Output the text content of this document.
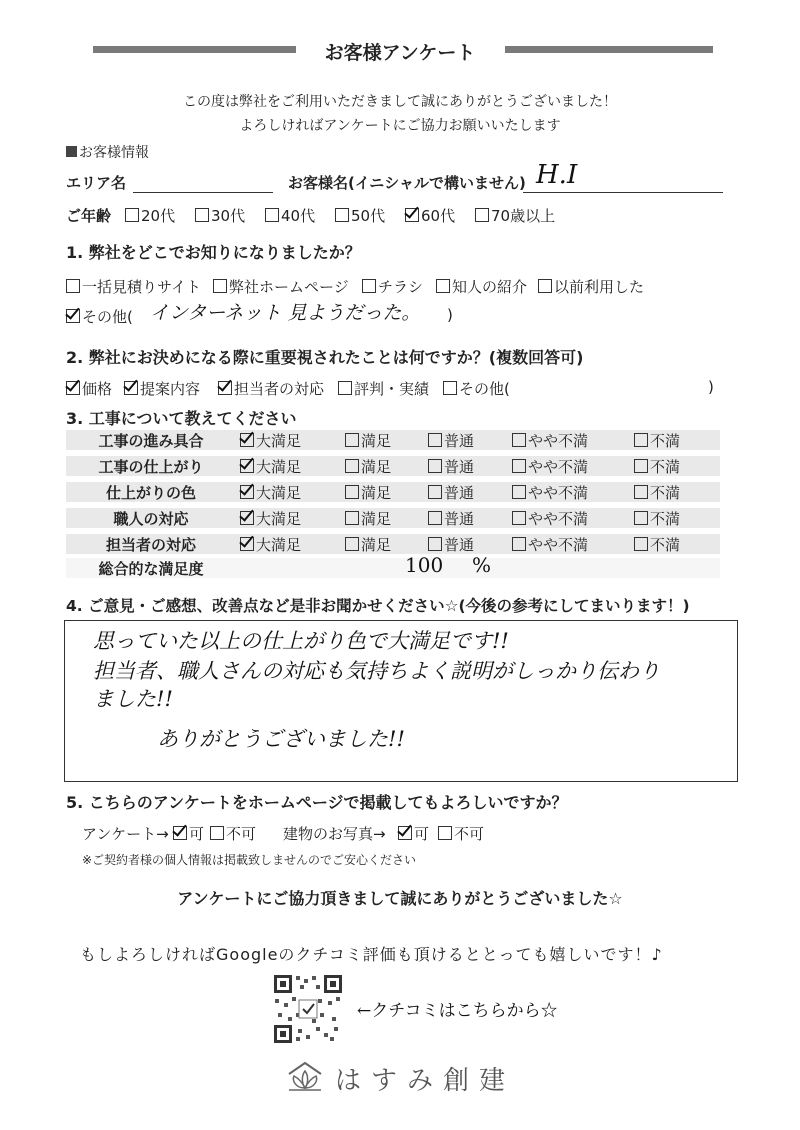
お客様アンケート
この度は弊社をご利用いただきまして誠にありがとうございました！
よろしければアンケートにご協力お願いいたします
お客様情報
エリア名	お客様名(イニシャルで構いません) H.I
ご年齢	20代	30代	40代	50代	60代	70歳以上
1. 弊社をどこでお知りになりましたか？
一括見積りサイト	弊社ホームページ	チラシ	知人の紹介	以前利用した
その他( インターネット 見ようだった。 )
2. 弊社にお決めになる際に重要視されたことは何ですか？(複数回答可)
価格	提案内容	担当者の対応	評判・実績	その他(	)
3. 工事について教えてください
工事の進み具合	大満足	満足	普通	やや不満	不満
工事の仕上がり	大満足	満足	普通	やや不満	不満
仕上がりの色	大満足	満足	普通	やや不満	不満
職人の対応	大満足	満足	普通	やや不満	不満
担当者の対応	大満足	満足	普通	やや不満	不満
総合的な満足度	100 %
4. ご意見・ご感想、改善点など是非お聞かせください☆(今後の参考にしてまいります！)
思っていた以上の仕上がり色で大満足です!!
担当者、職人さんの対応も気持ちよく説明がしっかり伝わり
ました!!
ありがとうございました!!
5. こちらのアンケートをホームページで掲載してもよろしいですか？
アンケート→	可	不可 建物のお写真→	可	不可
※ご契約者様の個人情報は掲載致しませんのでご安心ください
アンケートにご協力頂きまして誠にありがとうございました☆
もしよろしければGoogleのクチコミ評価も頂けるととっても嬉しいです！♪
←クチコミはこちらから☆
はすみ創建
